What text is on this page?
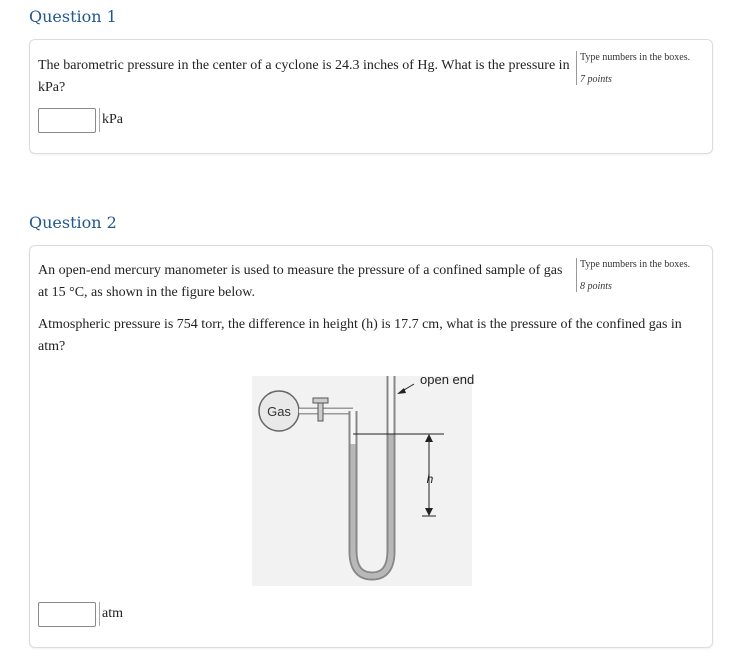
Question 1
The barometric pressure in the center of a cyclone is 24.3 inches of Hg. What is the pressure in kPa?
Type numbers in the boxes.
7 points
kPa
Question 2
An open-end mercury manometer is used to measure the pressure of a confined sample of gas at 15 °C, as shown in the figure below.
Type numbers in the boxes.
8 points
Atmospheric pressure is 754 torr, the difference in height (h) is 17.7 cm, what is the pressure of the confined gas in atm?
Gas
h
open end
atm
